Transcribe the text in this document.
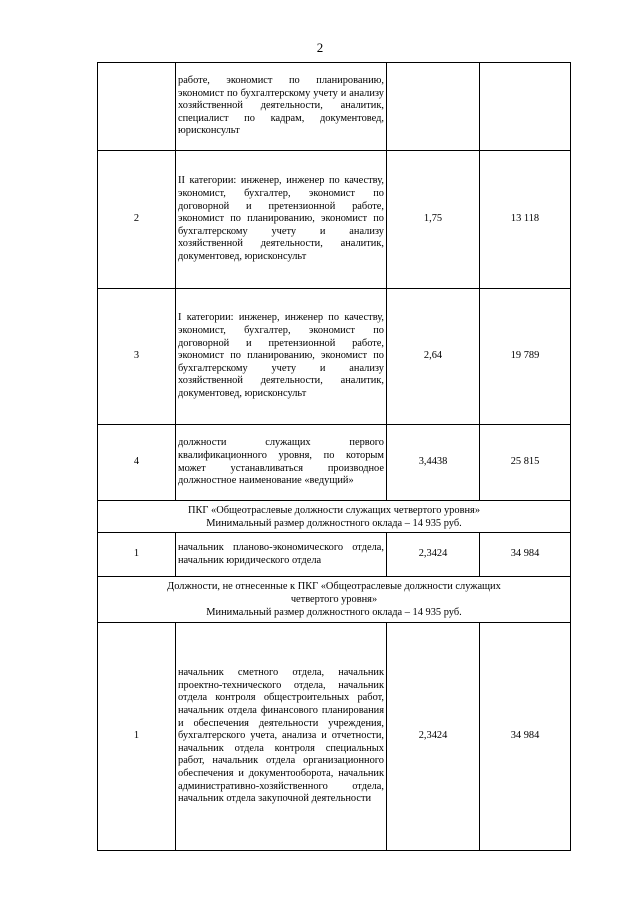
2
	работе, экономист по планированию, экономист по бухгалтерскому учету и анализу хозяйственной деятельности, аналитик, специалист по кадрам, документовед, юрисконсульт		
2	II категории: инженер, инженер по качеству, экономист, бухгалтер, экономист по договорной и претензионной работе, экономист по планированию, экономист по бухгалтерскому учету и анализу хозяйственной деятельности, аналитик, документовед, юрисконсульт	1,75	13 118
3	I категории: инженер, инженер по качеству, экономист, бухгалтер, экономист по договорной и претензионной работе, экономист по планированию, экономист по бухгалтерскому учету и анализу хозяйственной деятельности, аналитик, документовед, юрисконсульт	2,64	19 789
4	должности служащих первого квалификационного уровня, по которым может устанавливаться производное должностное наименование «ведущий»	3,4438	25 815

ПКГ «Общеотраслевые должности служащих четвертого уровня»
Минимальный размер должностного оклада – 14 935 руб.			

1	начальник планово-экономического отдела, начальник юридического отдела	2,3424	34 984

Должности, не отнесенные к ПКГ «Общеотраслевые должности служащих
четвертого уровня»
Минимальный размер должностного оклада – 14 935 руб.			

1	начальник сметного отдела, начальник проектно-технического отдела, начальник отдела контроля общестроительных работ, начальник отдела финансового планирования и обеспечения деятельности учреждения, бухгалтерского учета, анализа и отчетности, начальник отдела контроля специальных работ, начальник отдела организационного обеспечения и документооборота, начальник административно-хозяйственного отдела, начальник отдела закупочной деятельности	2,3424	34 984
